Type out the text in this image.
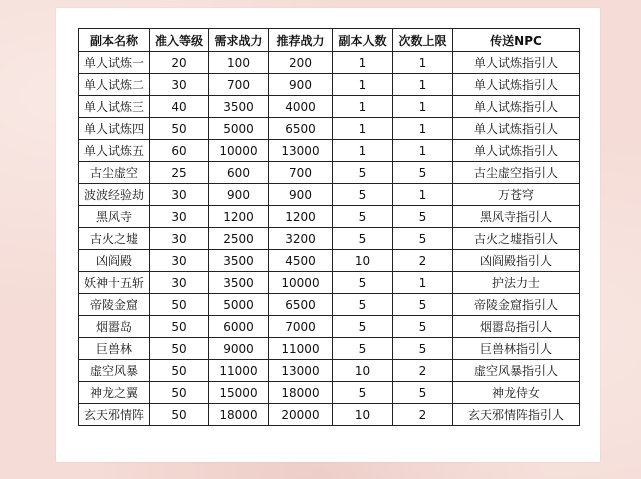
副本名称	准入等级	需求战力	推荐战力	副本人数	次数上限	传送NPC
单人试炼一	20	100	200	1	1	单人试炼指引人
单人试炼二	30	700	900	1	1	单人试炼指引人
单人试炼三	40	3500	4000	1	1	单人试炼指引人
单人试炼四	50	5000	6500	1	1	单人试炼指引人
单人试炼五	60	10000	13000	1	1	单人试炼指引人
古尘虚空	25	600	700	5	5	古尘虚空指引人
波波经验劫	30	900	900	5	1	万苍穹
黑风寺	30	1200	1200	5	5	黑风寺指引人
古火之墟	30	2500	3200	5	5	古火之墟指引人
凶阎殿	30	3500	4500	10	2	凶阎殿指引人
妖神十五斩	30	3500	10000	5	1	护法力士
帝陵金窟	50	5000	6500	5	5	帝陵金窟指引人
烟嚣岛	50	6000	7000	5	5	烟嚣岛指引人
巨兽林	50	9000	11000	5	5	巨兽林指引人
虚空风暴	50	11000	13000	10	2	虚空风暴指引人
神龙之翼	50	15000	18000	5	5	神龙侍女
玄天邪情阵	50	18000	20000	10	2	玄天邪情阵指引人
